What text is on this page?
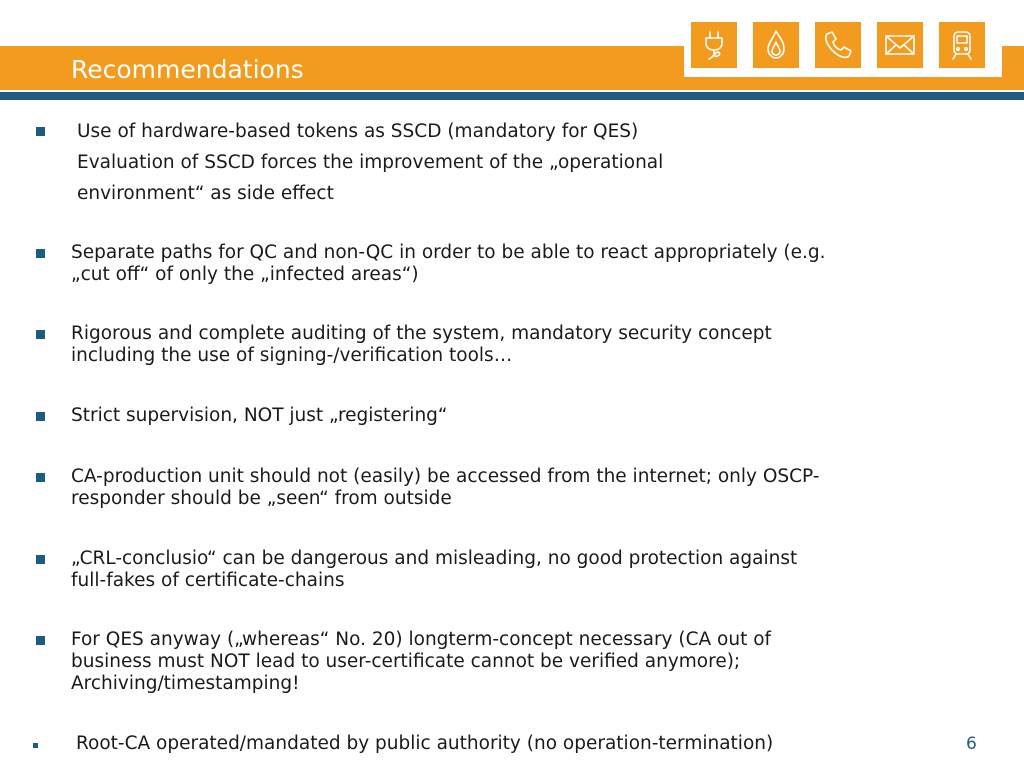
Recommendations
Use of hardware-based tokens as SSCD (mandatory for QES)
Evaluation of SSCD forces the improvement of the „operational
environment“ as side effect
Separate paths for QC and non-QC in order to be able to react appropriately (e.g.
„cut off“ of only the „infected areas“)
Rigorous and complete auditing of the system, mandatory security concept
including the use of signing-/verification tools…
Strict supervision, NOT just „registering“
CA-production unit should not (easily) be accessed from the internet; only OSCP-
responder should be „seen“ from outside
„CRL-conclusio“ can be dangerous and misleading, no good protection against
full-fakes of certificate-chains
For QES anyway („whereas“ No. 20) longterm-concept necessary (CA out of
business must NOT lead to user-certificate cannot be verified anymore);
Archiving/timestamping!
Root-CA operated/mandated by public authority (no operation-termination)	6
